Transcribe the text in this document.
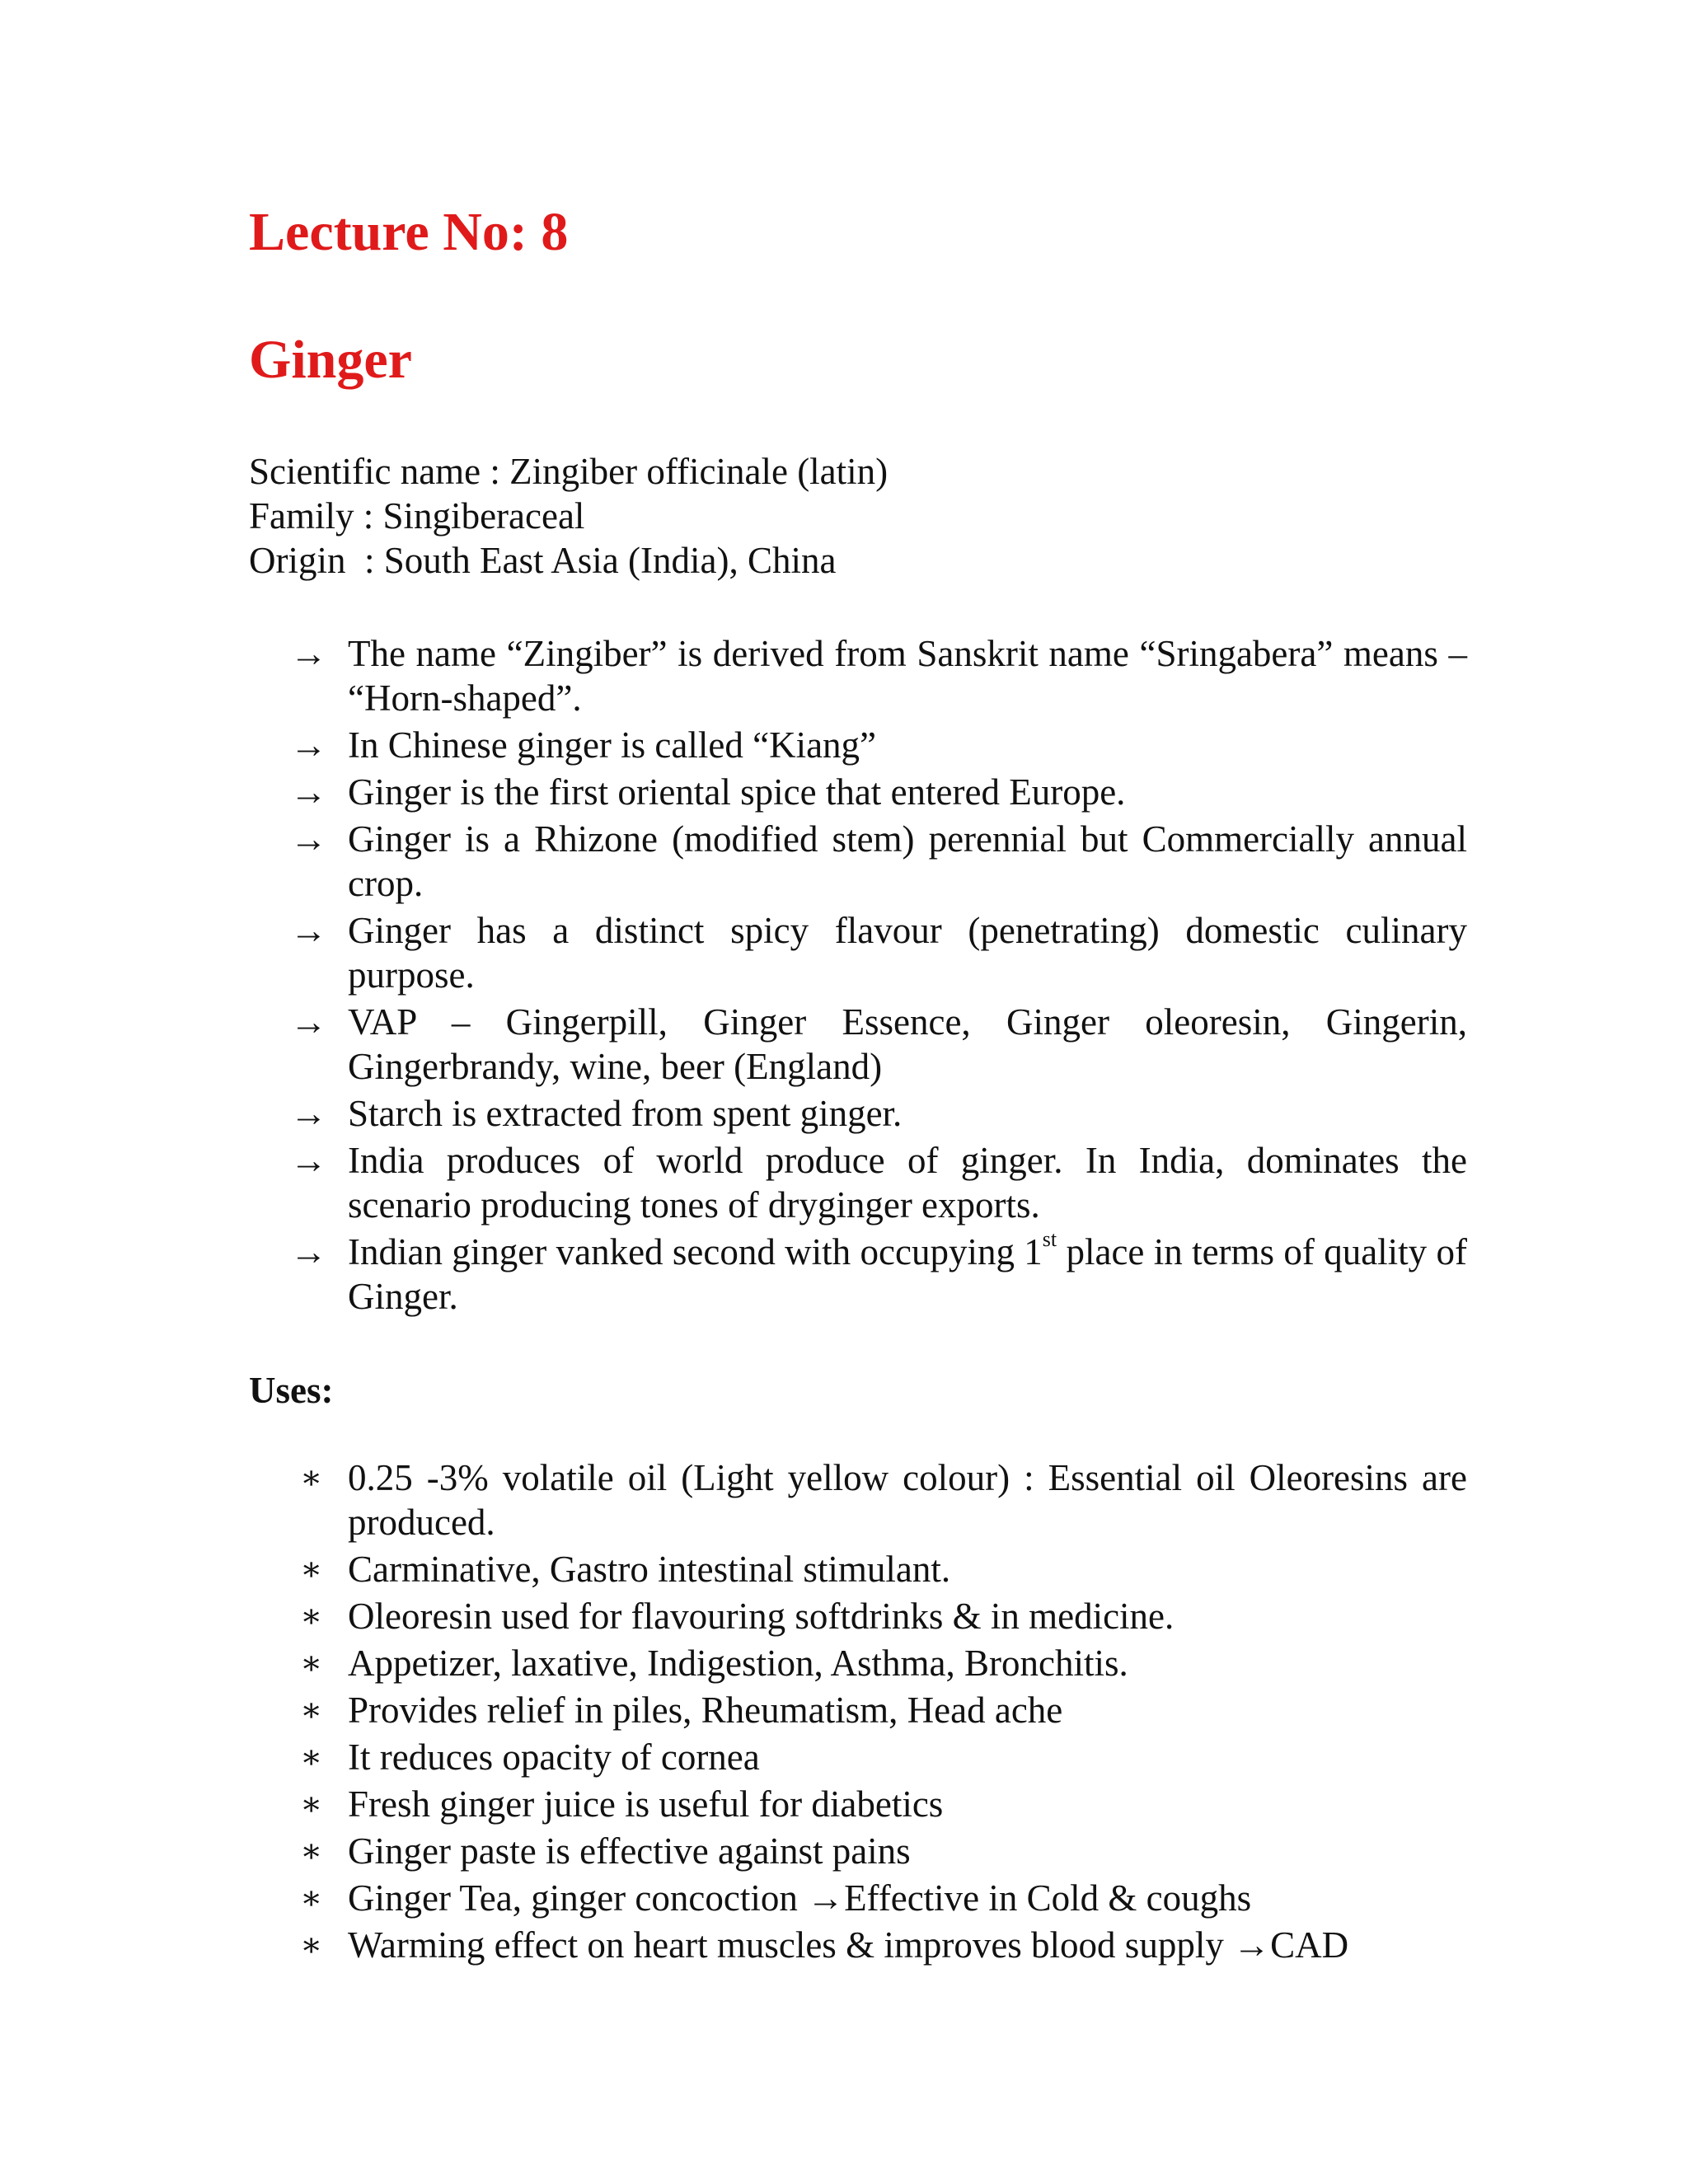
Lecture No: 8
Ginger
Scientific name : Zingiber officinale (latin)
Family : Singiberaceal
Origin  : South East Asia (India), China
→ The name “Zingiber” is derived from Sanskrit name “Sringabera” means – “Horn-shaped”.
→ In Chinese ginger is called “Kiang”
→ Ginger is the first oriental spice that entered Europe.
→ Ginger is a Rhizone (modified stem) perennial but Commercially annual crop.
→ Ginger has a distinct spicy flavour (penetrating) domestic culinary purpose.
→ VAP – Gingerpill, Ginger Essence, Ginger oleoresin, Gingerin, Gingerbrandy, wine, beer (England)
→ Starch is extracted from spent ginger.
→ India produces of world produce of ginger. In India, dominates the scenario producing tones of dryginger exports.
→ Indian ginger vanked second with occupying 1st place in terms of quality of Ginger.
Uses:
∗ 0.25 -3% volatile oil (Light yellow colour) : Essential oil Oleoresins are produced.
∗ Carminative, Gastro intestinal stimulant.
∗ Oleoresin used for flavouring softdrinks & in medicine.
∗ Appetizer, laxative, Indigestion, Asthma, Bronchitis.
∗ Provides relief in piles, Rheumatism, Head ache
∗ It reduces opacity of cornea
∗ Fresh ginger juice is useful for diabetics
∗ Ginger paste is effective against pains
∗ Ginger Tea, ginger concoction →Effective in Cold & coughs
∗ Warming effect on heart muscles & improves blood supply →CAD
